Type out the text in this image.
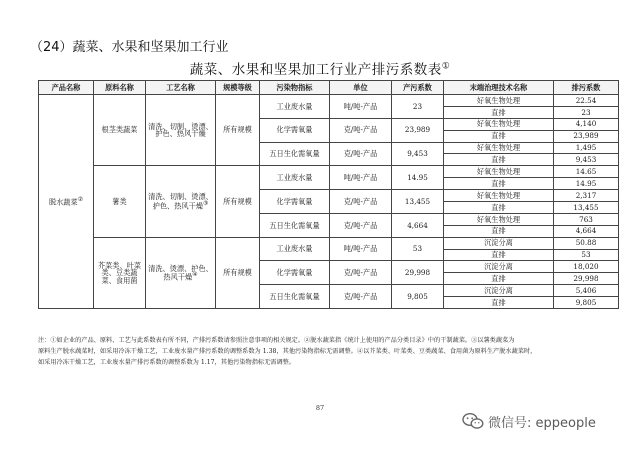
（24）蔬菜、水果和坚果加工行业
蔬菜、水果和坚果加工行业产排污系数表①
产品名称	原料名称	工艺名称	规模等级	污染物指标	单位	产污系数	末端治理技术名称	排污系数
脱水蔬菜②	根茎类蔬菜	清洗、切制、烫漂、护色、热风干燥	所有规模	工业废水量	吨/吨-产品	23	好氧生物处理	22.54
							直排	23
				化学需氧量	克/吨-产品	23,989	好氧生物处理	4,140
							直排	23,989
				五日生化需氧量	克/吨-产品	9,453	好氧生物处理	1,495
							直排	9,453
	薯类	清洗、切制、烫漂、护色、热风干燥③	所有规模	工业废水量	吨/吨-产品	14.95	好氧生物处理	14.65
							直排	14.95
				化学需氧量	克/吨-产品	13,455	好氧生物处理	2,317
							直排	13,455
				五日生化需氧量	克/吨-产品	4,664	好氧生物处理	763
							直排	4,664
	芥菜类、叶菜类、豆类蔬菜、食用菌	清洗、烫漂、护色、热风干燥④	所有规模	工业废水量	吨/吨-产品	53	沉淀分离	50.88
							直排	53
				化学需氧量	克/吨-产品	29,998	沉淀分离	18,020
							直排	29,998
				五日生化需氧量	克/吨-产品	9,805	沉淀分离	5,406
							直排	9,805
注：①如企业的产品、原料、工艺与此系数表有所不同，产排污系数请参照注意事项的相关规定。②脱水蔬菜指《统计上使用的产品分类目录》中的干制蔬菜。③以薯类蔬菜为
原料生产脱水蔬菜时，如采用冷冻干燥工艺，工业废水量产排污系数的调整系数为 1.38，其他污染物指标无需调整。④以芥菜类、叶菜类、豆类蔬菜、食用菌为原料生产脱水蔬菜时，
如采用冷冻干燥工艺，工业废水量产排污系数的调整系数为 1.17，其他污染物指标无需调整。
87
微信号: eppeople
